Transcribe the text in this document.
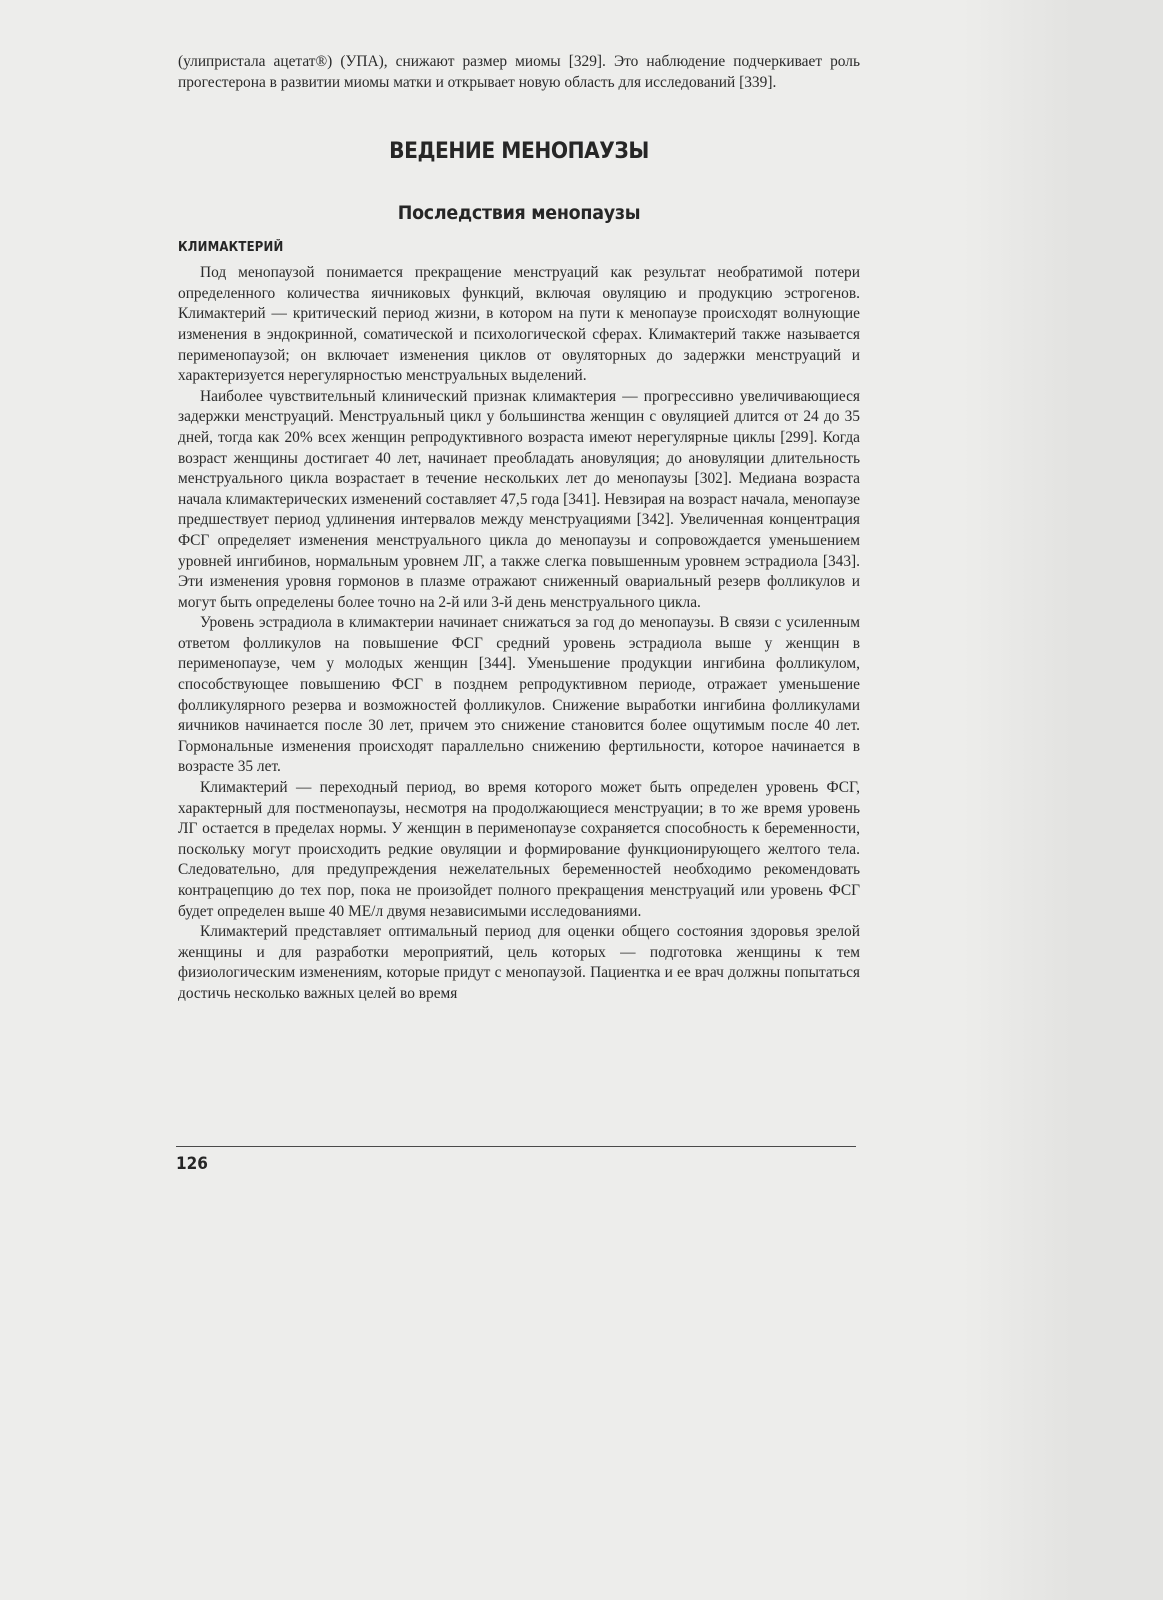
(улипристала ацетат®) (УПА), снижают размер миомы [329]. Это наблюдение подчеркивает роль прогестерона в развитии миомы матки и открывает новую область для исследований [339].

ВЕДЕНИЕ МЕНОПАУЗЫ
Последствия менопаузы
КЛИМАКТЕРИЙ

Под менопаузой понимается прекращение менструаций как результат необратимой потери определенного количества яичниковых функций, включая овуляцию и продукцию эстрогенов. Климактерий — критический период жизни, в котором на пути к менопаузе происходят волнующие изменения в эндокринной, соматической и психологической сферах. Климактерий также называется перименопаузой; он включает изменения циклов от овуляторных до задержки менструаций и характеризуется нерегулярностью менструальных выделений.

Наиболее чувствительный клинический признак климактерия — прогрессивно увеличивающиеся задержки менструаций. Менструальный цикл у большинства женщин с овуляцией длится от 24 до 35 дней, тогда как 20% всех женщин репродуктивного возраста имеют нерегулярные циклы [299]. Когда возраст женщины достигает 40 лет, начинает преобладать ановуляция; до ановуляции длительность менструального цикла возрастает в течение нескольких лет до менопаузы [302]. Медиана возраста начала климактерических изменений составляет 47,5 года [341]. Невзирая на возраст начала, менопаузе предшествует период удлинения интервалов между менструациями [342]. Увеличенная концентрация ФСГ определяет изменения менструального цикла до менопаузы и сопровождается уменьшением уровней ингибинов, нормальным уровнем ЛГ, а также слегка повышенным уровнем эстрадиола [343]. Эти изменения уровня гормонов в плазме отражают сниженный овариальный резерв фолликулов и могут быть определены более точно на 2-й или 3-й день менструального цикла.

Уровень эстрадиола в климактерии начинает снижаться за год до менопаузы. В связи с усиленным ответом фолликулов на повышение ФСГ средний уровень эстрадиола выше у женщин в перименопаузе, чем у молодых женщин [344]. Уменьшение продукции ингибина фолликулом, способствующее повышению ФСГ в позднем репродуктивном периоде, отражает уменьшение фолликулярного резерва и возможностей фолликулов. Снижение выработки ингибина фолликулами яичников начинается после 30 лет, причем это снижение становится более ощутимым после 40 лет. Гормональные изменения происходят параллельно снижению фертильности, которое начинается в возрасте 35 лет.

Климактерий — переходный период, во время которого может быть определен уровень ФСГ, характерный для постменопаузы, несмотря на продолжающиеся менструации; в то же время уровень ЛГ остается в пределах нормы. У женщин в перименопаузе сохраняется способность к беременности, поскольку могут происходить редкие овуляции и формирование функционирующего желтого тела. Следовательно, для предупреждения нежелательных беременностей необходимо рекомендовать контрацепцию до тех пор, пока не произойдет полного прекращения менструаций или уровень ФСГ будет определен выше 40 МЕ/л двумя независимыми исследованиями.

Климактерий представляет оптимальный период для оценки общего состояния здоровья зрелой женщины и для разработки мероприятий, цель которых — подготовка женщины к тем физиологическим изменениям, которые придут с менопаузой. Пациентка и ее врач должны попытаться достичь несколько важных целей во время

126
